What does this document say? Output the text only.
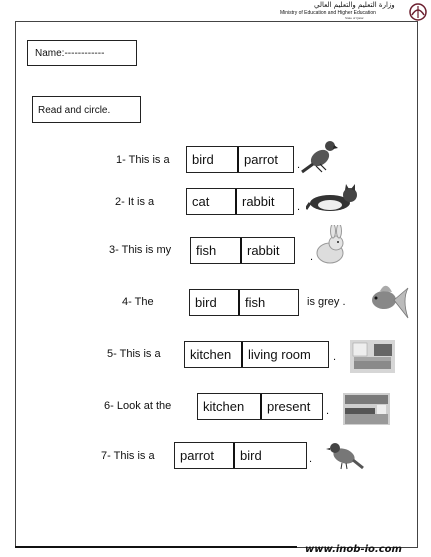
وزارة التعليم والتعليم العالي
Ministry of Education and Higher Education
State of Qatar
Name:------------
Read and circle.
1- This is a	bird	parrot	.
2- It is a	cat	rabbit	.
3- This is my	fish	rabbit	.
4- The	bird	fish	is grey .
5- This is a	kitchen	living room	.
6- Look at the	kitchen	present	.
7- This is a	parrot	bird	.
www.inob-io.com
